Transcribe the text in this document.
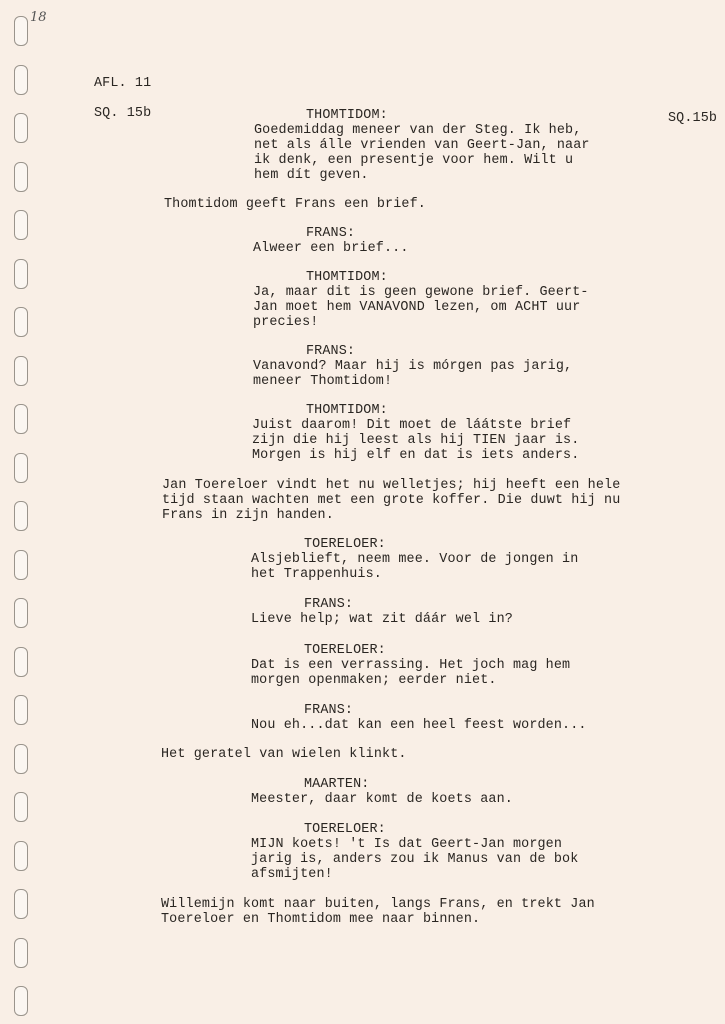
18
AFL. 11
SQ. 15b	SQ.15b
THOMTIDOM:
Goedemiddag meneer van der Steg. Ik heb,
net als álle vrienden van Geert-Jan, naar
ik denk, een presentje voor hem. Wilt u
hem dít geven.
Thomtidom geeft Frans een brief.
FRANS:
Alweer een brief...
THOMTIDOM:
Ja, maar dit is geen gewone brief. Geert-
Jan moet hem VANAVOND lezen, om ACHT uur
precies!
FRANS:
Vanavond? Maar hij is mórgen pas jarig,
meneer Thomtidom!
THOMTIDOM:
Juist daarom! Dit moet de láátste brief
zijn die hij leest als hij TIEN jaar is.
Morgen is hij elf en dat is iets anders.
Jan Toereloer vindt het nu welletjes; hij heeft een hele
tijd staan wachten met een grote koffer. Die duwt hij nu
Frans in zijn handen.
TOERELOER:
Alsjeblieft, neem mee. Voor de jongen in
het Trappenhuis.
FRANS:
Lieve help; wat zit dáár wel in?
TOERELOER:
Dat is een verrassing. Het joch mag hem
morgen openmaken; eerder niet.
FRANS:
Nou eh...dat kan een heel feest worden...
Het geratel van wielen klinkt.
MAARTEN:
Meester, daar komt de koets aan.
TOERELOER:
MIJN koets! 't Is dat Geert-Jan morgen
jarig is, anders zou ik Manus van de bok
afsmijten!
Willemijn komt naar buiten, langs Frans, en trekt Jan
Toereloer en Thomtidom mee naar binnen.
